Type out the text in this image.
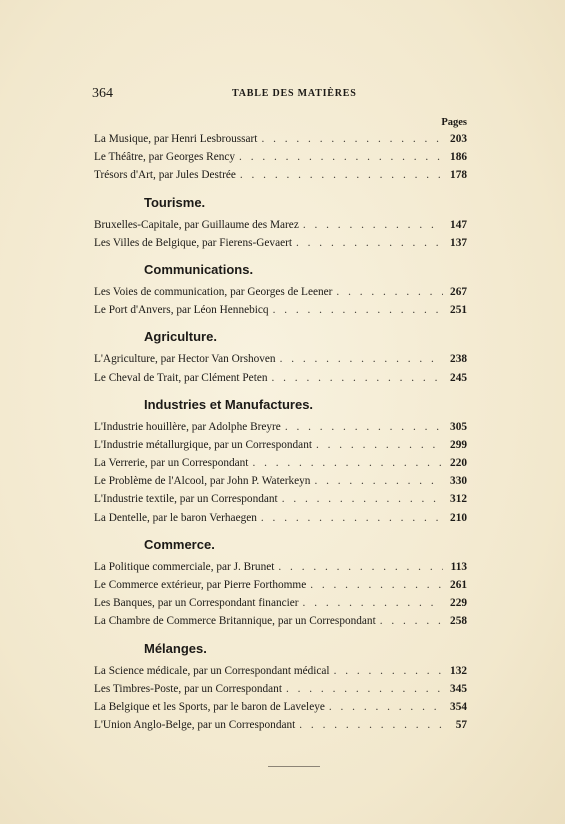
364	TABLE DES MATIÈRES
Pages
La Musique, par Henri Lesbroussart . . .	203
Le Théâtre, par Georges Rency . . .	186
Trésors d'Art, par Jules Destrée . . .	178
Tourisme.
Bruxelles-Capitale, par Guillaume des Marez . . .	147
Les Villes de Belgique, par Fierens-Gevaert . . .	137
Communications.
Les Voies de communication, par Georges de Leener . . .	267
Le Port d'Anvers, par Léon Hennebicq . . .	251
Agriculture.
L'Agriculture, par Hector Van Orshoven . . .	238
Le Cheval de Trait, par Clément Peten . . .	245
Industries et Manufactures.
L'Industrie houillère, par Adolphe Breyre . . .	305
L'Industrie métallurgique, par un Correspondant . . .	299
La Verrerie, par un Correspondant . . .	220
Le Problème de l'Alcool, par John P. Waterkeyn . . .	330
L'Industrie textile, par un Correspondant . . .	312
La Dentelle, par le baron Verhaegen . . .	210
Commerce.
La Politique commerciale, par J. Brunet . . .	113
Le Commerce extérieur, par Pierre Forthomme . . .	261
Les Banques, par un Correspondant financier . . .	229
La Chambre de Commerce Britannique, par un Correspondant . . .	258
Mélanges.
La Science médicale, par un Correspondant médical . . .	132
Les Timbres-Poste, par un Correspondant . . .	345
La Belgique et les Sports, par le baron de Laveleye . . .	354
L'Union Anglo-Belge, par un Correspondant . . .	57
